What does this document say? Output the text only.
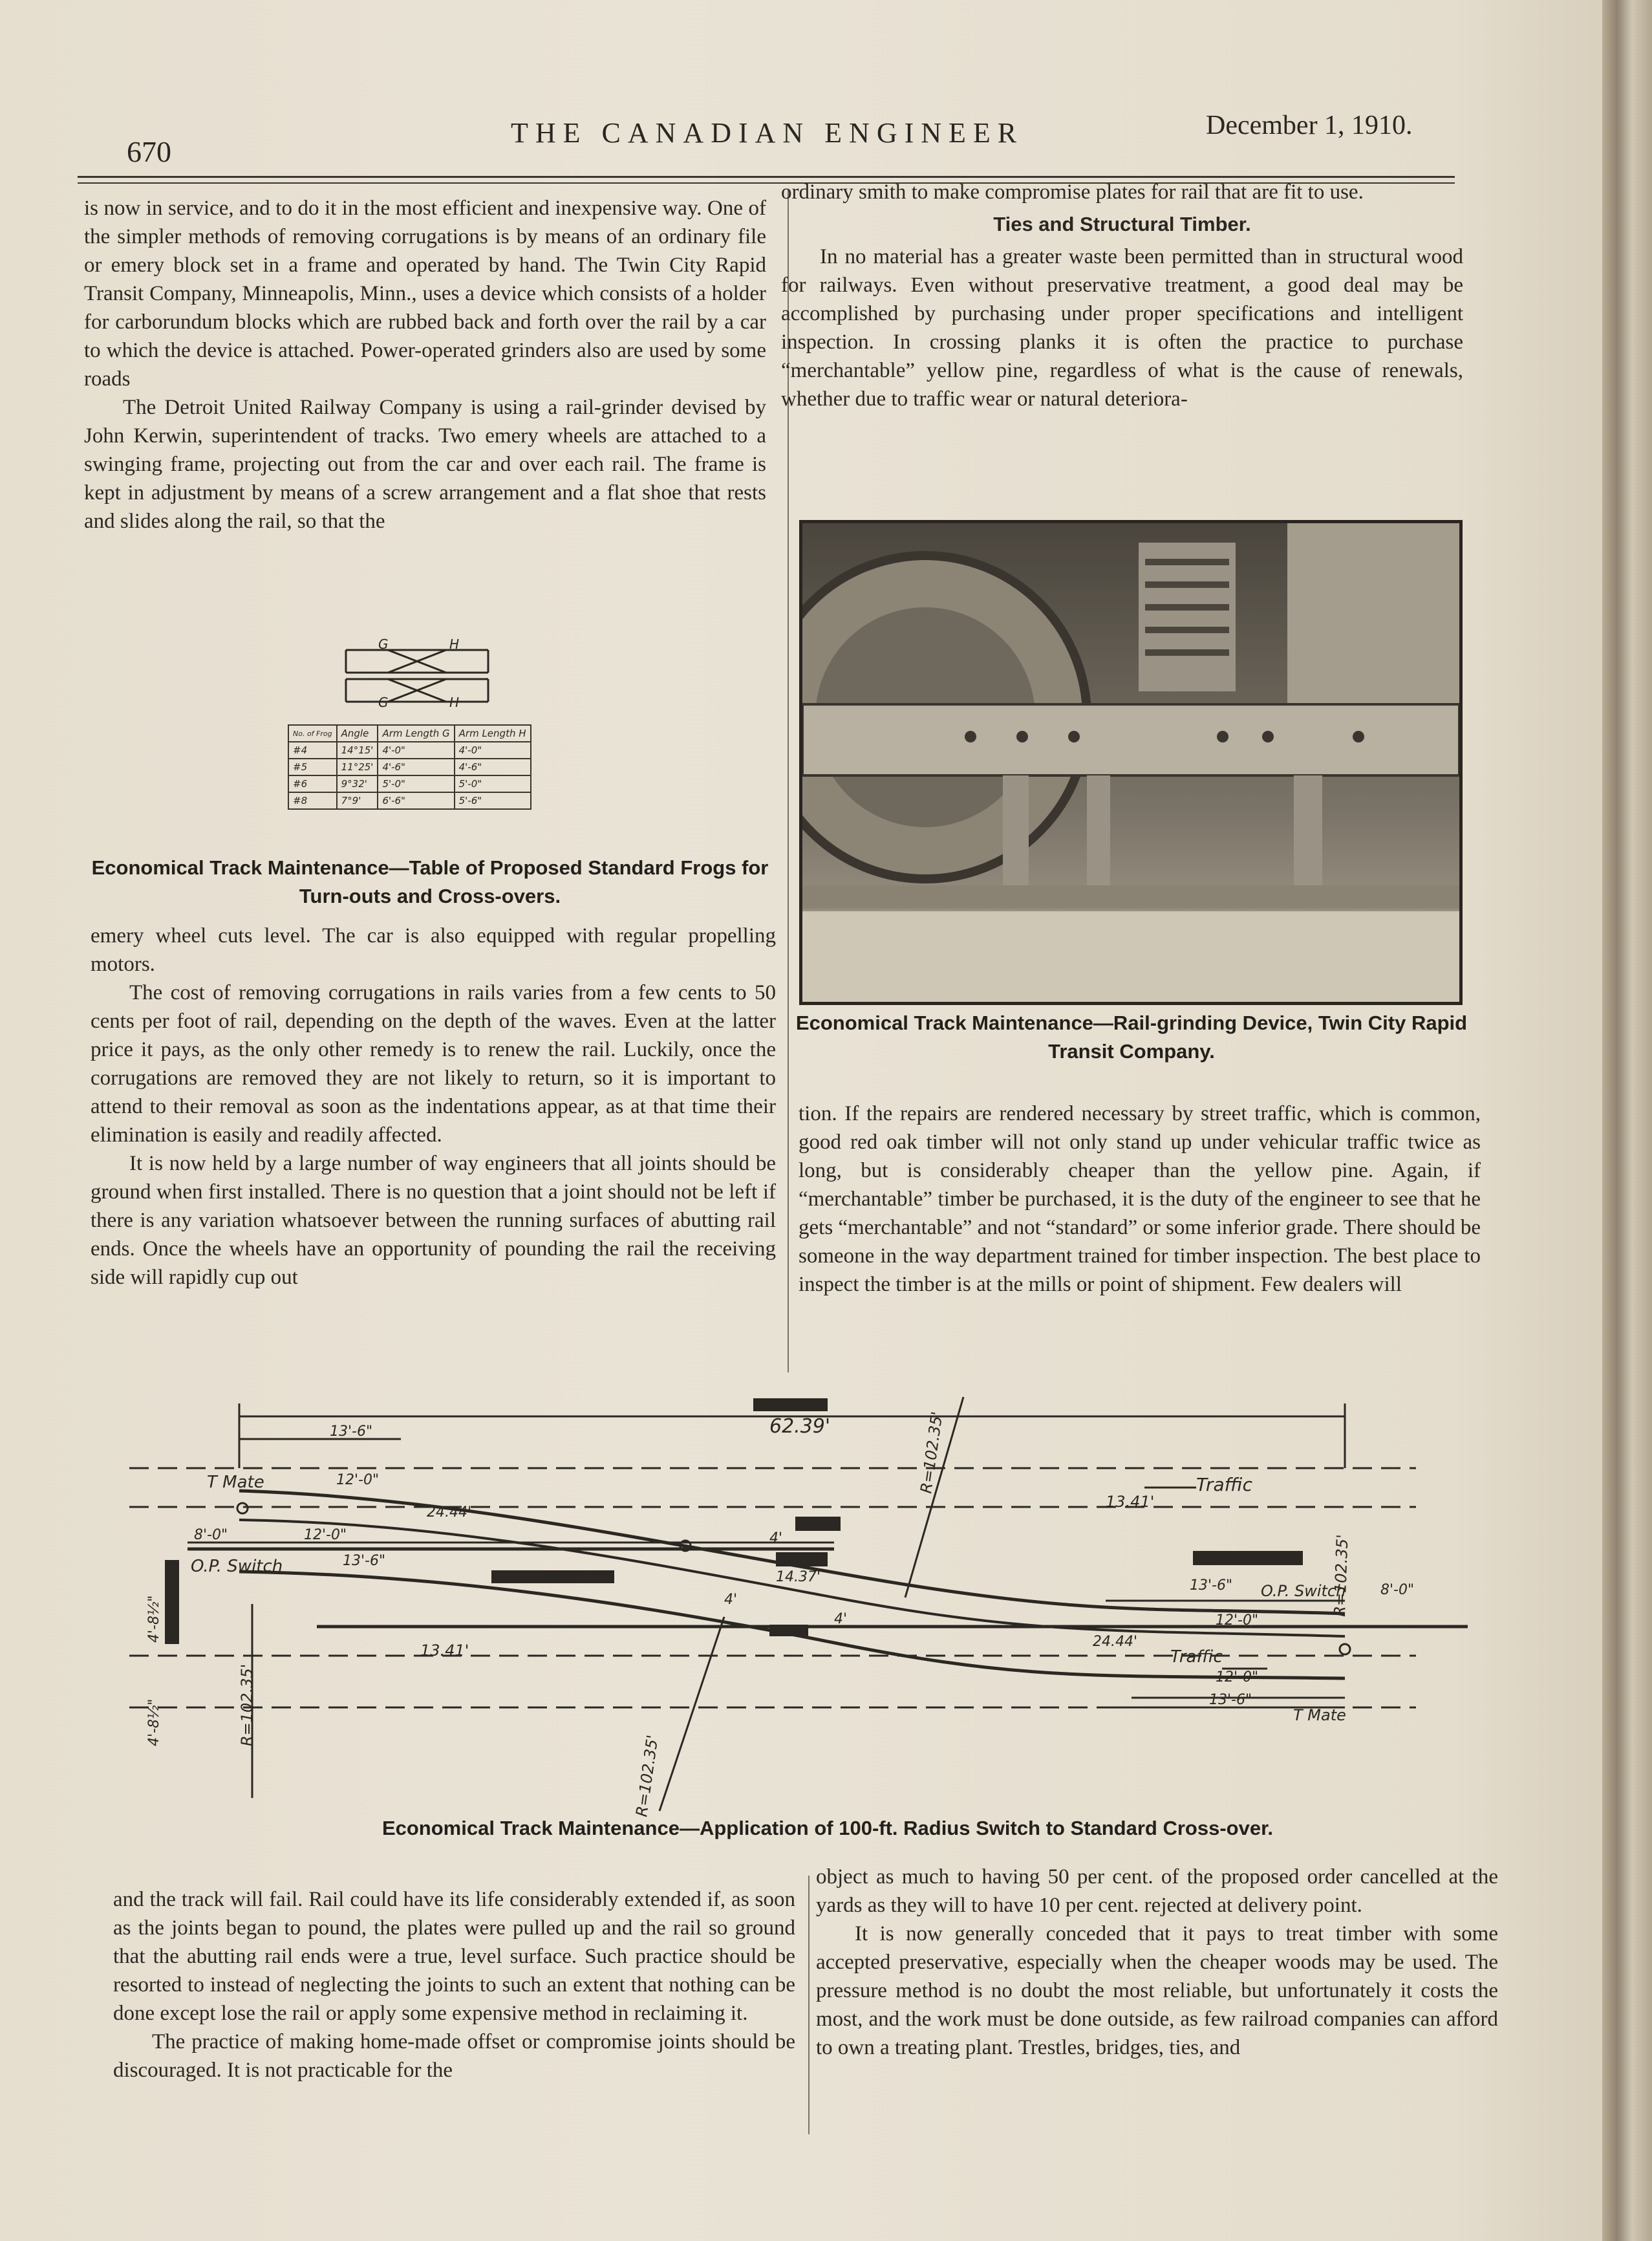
670
THE CANADIAN ENGINEER	December 1, 1910.

is now in service, and to do it in the most efficient and inexpensive way. One of the simpler methods of removing corrugations is by means of an ordinary file or emery block set in a frame and operated by hand. The Twin City Rapid Transit Company, Minneapolis, Minn., uses a device which consists of a holder for carborundum blocks which are rubbed back and forth over the rail by a car to which the device is attached. Power-operated grinders also are used by some roads

The Detroit United Railway Company is using a rail-grinder devised by John Kerwin, superintendent of tracks. Two emery wheels are attached to a swinging frame, projecting out from the car and over each rail. The frame is kept in adjustment by means of a screw arrangement and a flat shoe that rests and slides along the rail, so that the

G	H
G	H
No. of Frog	Angle	Arm Length G	Arm Length H
#4	14°15'	4'-0"	4'-0"
#5	11°25'	4'-6"	4'-6"
#6	9°32'	5'-0"	5'-0"
#8	7°9'	6'-6"	5'-6"
Economical Track Maintenance—Table of Proposed Standard Frogs for Turn-outs and Cross-overs.

emery wheel cuts level. The car is also equipped with regular propelling motors.

The cost of removing corrugations in rails varies from a few cents to 50 cents per foot of rail, depending on the depth of the waves. Even at the latter price it pays, as the only other remedy is to renew the rail. Luckily, once the corrugations are removed they are not likely to return, so it is important to attend to their removal as soon as the indentations appear, as at that time their elimination is easily and readily affected.

It is now held by a large number of way engineers that all joints should be ground when first installed. There is no question that a joint should not be left if there is any variation whatsoever between the running surfaces of abutting rail ends. Once the wheels have an opportunity of pounding the rail the receiving side will rapidly cup out

ordinary smith to make compromise plates for rail that are fit to use.

Ties and Structural Timber.

In no material has a greater waste been permitted than in structural wood for railways. Even without preservative treatment, a good deal may be accomplished by purchasing under proper specifications and intelligent inspection. In crossing planks it is often the practice to purchase “merchantable” yellow pine, regardless of what is the cause of renewals, whether due to traffic wear or natural deteriora-

Economical Track Maintenance—Rail-grinding Device, Twin City Rapid Transit Company.

tion. If the repairs are rendered necessary by street traffic, which is common, good red oak timber will not only stand up under vehicular traffic twice as long, but is considerably cheaper than the yellow pine. Again, if “merchantable” timber be purchased, it is the duty of the engineer to see that he gets “merchantable” and not “standard” or some inferior grade. There should be someone in the way department trained for timber inspection. The best place to inspect the timber is at the mills or point of shipment. Few dealers will

62.39'
13'-6"
12'-0"
T Mate
12'-0"
24.44'
8'-0"
O.P. Switch	13'-6"
13.41'
14.37'
13.41'
Traffic
13'-6" O.P. Switch 8'-0"
12'-0"
24.44'
Traffic
12'-0"
13'-6"
T Mate
4'
4'
4'
4'-8½"
4'-8½"
R=102.35'
R=102.35'
R=102.35'
R=102.35'
Economical Track Maintenance—Application of 100-ft. Radius Switch to Standard Cross-over.

and the track will fail. Rail could have its life considerably extended if, as soon as the joints began to pound, the plates were pulled up and the rail so ground that the abutting rail ends were a true, level surface. Such practice should be resorted to instead of neglecting the joints to such an extent that nothing can be done except lose the rail or apply some expensive method in reclaiming it.

The practice of making home-made offset or compromise joints should be discouraged. It is not practicable for the

object as much to having 50 per cent. of the proposed order cancelled at the yards as they will to have 10 per cent. rejected at delivery point.

It is now generally conceded that it pays to treat timber with some accepted preservative, especially when the cheaper woods may be used. The pressure method is no doubt the most reliable, but unfortunately it costs the most, and the work must be done outside, as few railroad companies can afford to own a treating plant. Trestles, bridges, ties, and
